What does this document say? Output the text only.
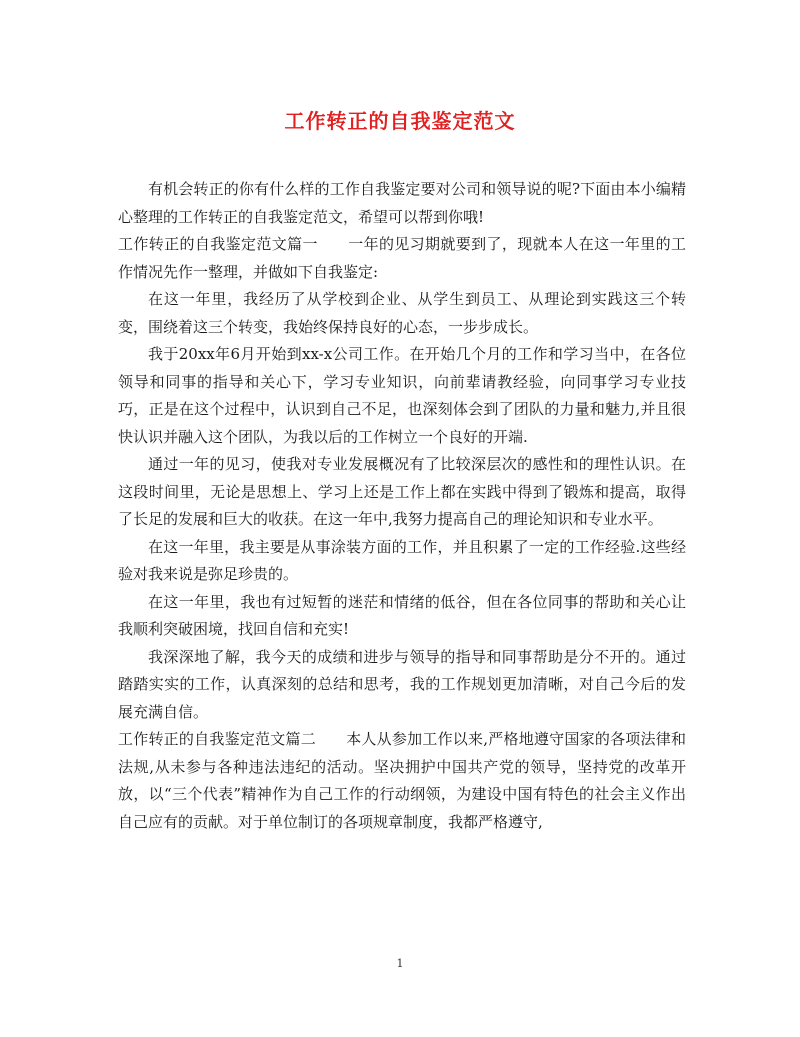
工作转正的自我鉴定范文

有机会转正的你有什么样的工作自我鉴定要对公司和领导说的呢?下面由本小编精心整理的工作转正的自我鉴定范文，希望可以帮到你哦!

工作转正的自我鉴定范文篇一 一年的见习期就要到了，现就本人在这一年里的工作情况先作一整理，并做如下自我鉴定:

在这一年里，我经历了从学校到企业、从学生到员工、从理论到实践这三个转变，围绕着这三个转变，我始终保持良好的心态，一步步成长。

我于20xx年6月开始到xx-x公司工作。在开始几个月的工作和学习当中，在各位领导和同事的指导和关心下，学习专业知识，向前辈请教经验，向同事学习专业技巧，正是在这个过程中，认识到自己不足，也深刻体会到了团队的力量和魅力,并且很快认识并融入这个团队，为我以后的工作树立一个良好的开端.

通过一年的见习，使我对专业发展概况有了比较深层次的感性和的理性认识。在这段时间里，无论是思想上、学习上还是工作上都在实践中得到了锻炼和提高，取得了长足的发展和巨大的收获。在这一年中,我努力提高自己的理论知识和专业水平。

在这一年里，我主要是从事涂装方面的工作，并且积累了一定的工作经验.这些经验对我来说是弥足珍贵的。

在这一年里，我也有过短暂的迷茫和情绪的低谷，但在各位同事的帮助和关心让我顺利突破困境，找回自信和充实!

我深深地了解，我今天的成绩和进步与领导的指导和同事帮助是分不开的。通过踏踏实实的工作，认真深刻的总结和思考，我的工作规划更加清晰，对自己今后的发展充满自信。

工作转正的自我鉴定范文篇二 本人从参加工作以来,严格地遵守国家的各项法律和法规,从未参与各种违法违纪的活动。坚决拥护中国共产党的领导，坚持党的改革开放，以“三个代表”精神作为自己工作的行动纲领，为建设中国有特色的社会主义作出自己应有的贡献。对于单位制订的各项规章制度，我都严格遵守,

1
